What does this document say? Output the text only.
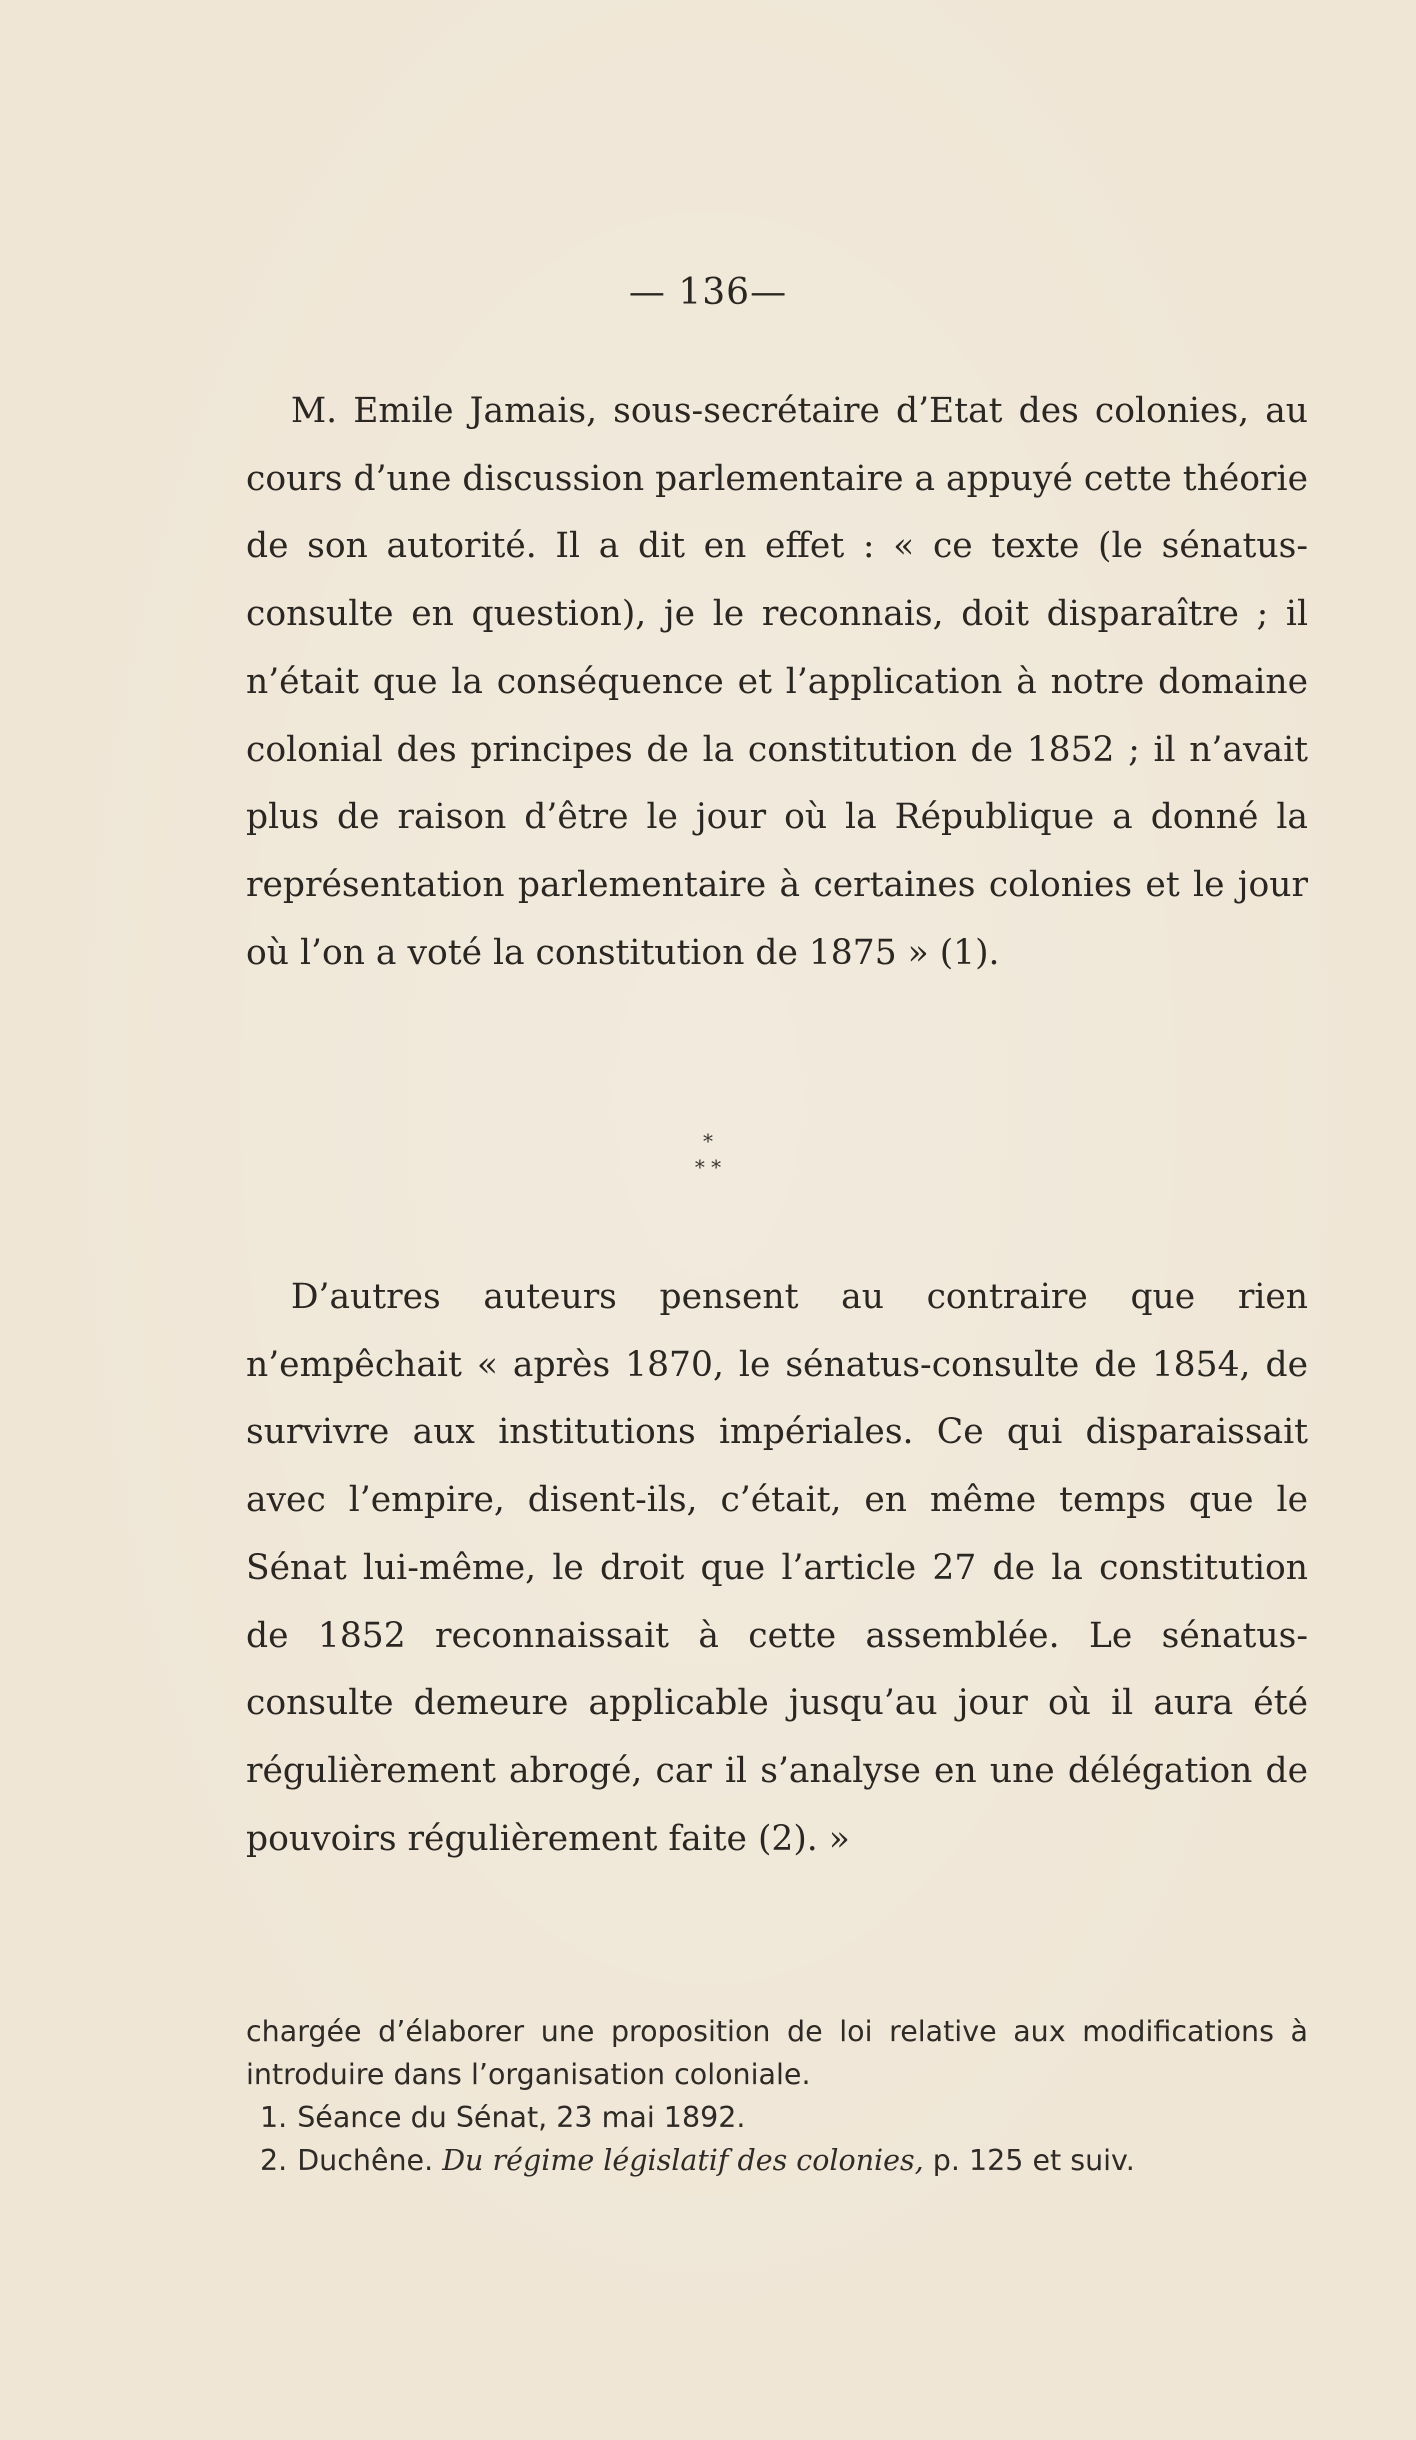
— 136—
M. Emile Jamais, sous-secrétaire d’Etat des colonies, au cours d’une discussion parlementaire a appuyé cette théorie de son autorité. Il a dit en effet : « ce texte (le sénatus-consulte en question), je le reconnais, doit disparaître ; il n’était que la conséquence et l’application à notre domaine colonial des principes de la constitution de 1852 ; il n’avait plus de raison d’être le jour où la République a donné la représentation parlementaire à certaines colonies et le jour où l’on a voté la constitution de 1875 » (1).
*
* *
D’autres auteurs pensent au contraire que rien n’empêchait « après 1870, le sénatus-consulte de 1854, de survivre aux institutions impériales. Ce qui disparaissait avec l’empire, disent-ils, c’était, en même temps que le Sénat lui-même, le droit que l’article 27 de la constitution de 1852 reconnaissait à cette assemblée. Le sénatus-consulte demeure applicable jusqu’au jour où il aura été régulièrement abrogé, car il s’analyse en une délégation de pouvoirs régulièrement faite (2). »
chargée d’élaborer une proposition de loi relative aux modifications à introduire dans l’organisation coloniale.
1. Séance du Sénat, 23 mai 1892.
2. Duchêne. Du régime législatif des colonies, p. 125 et suiv.
